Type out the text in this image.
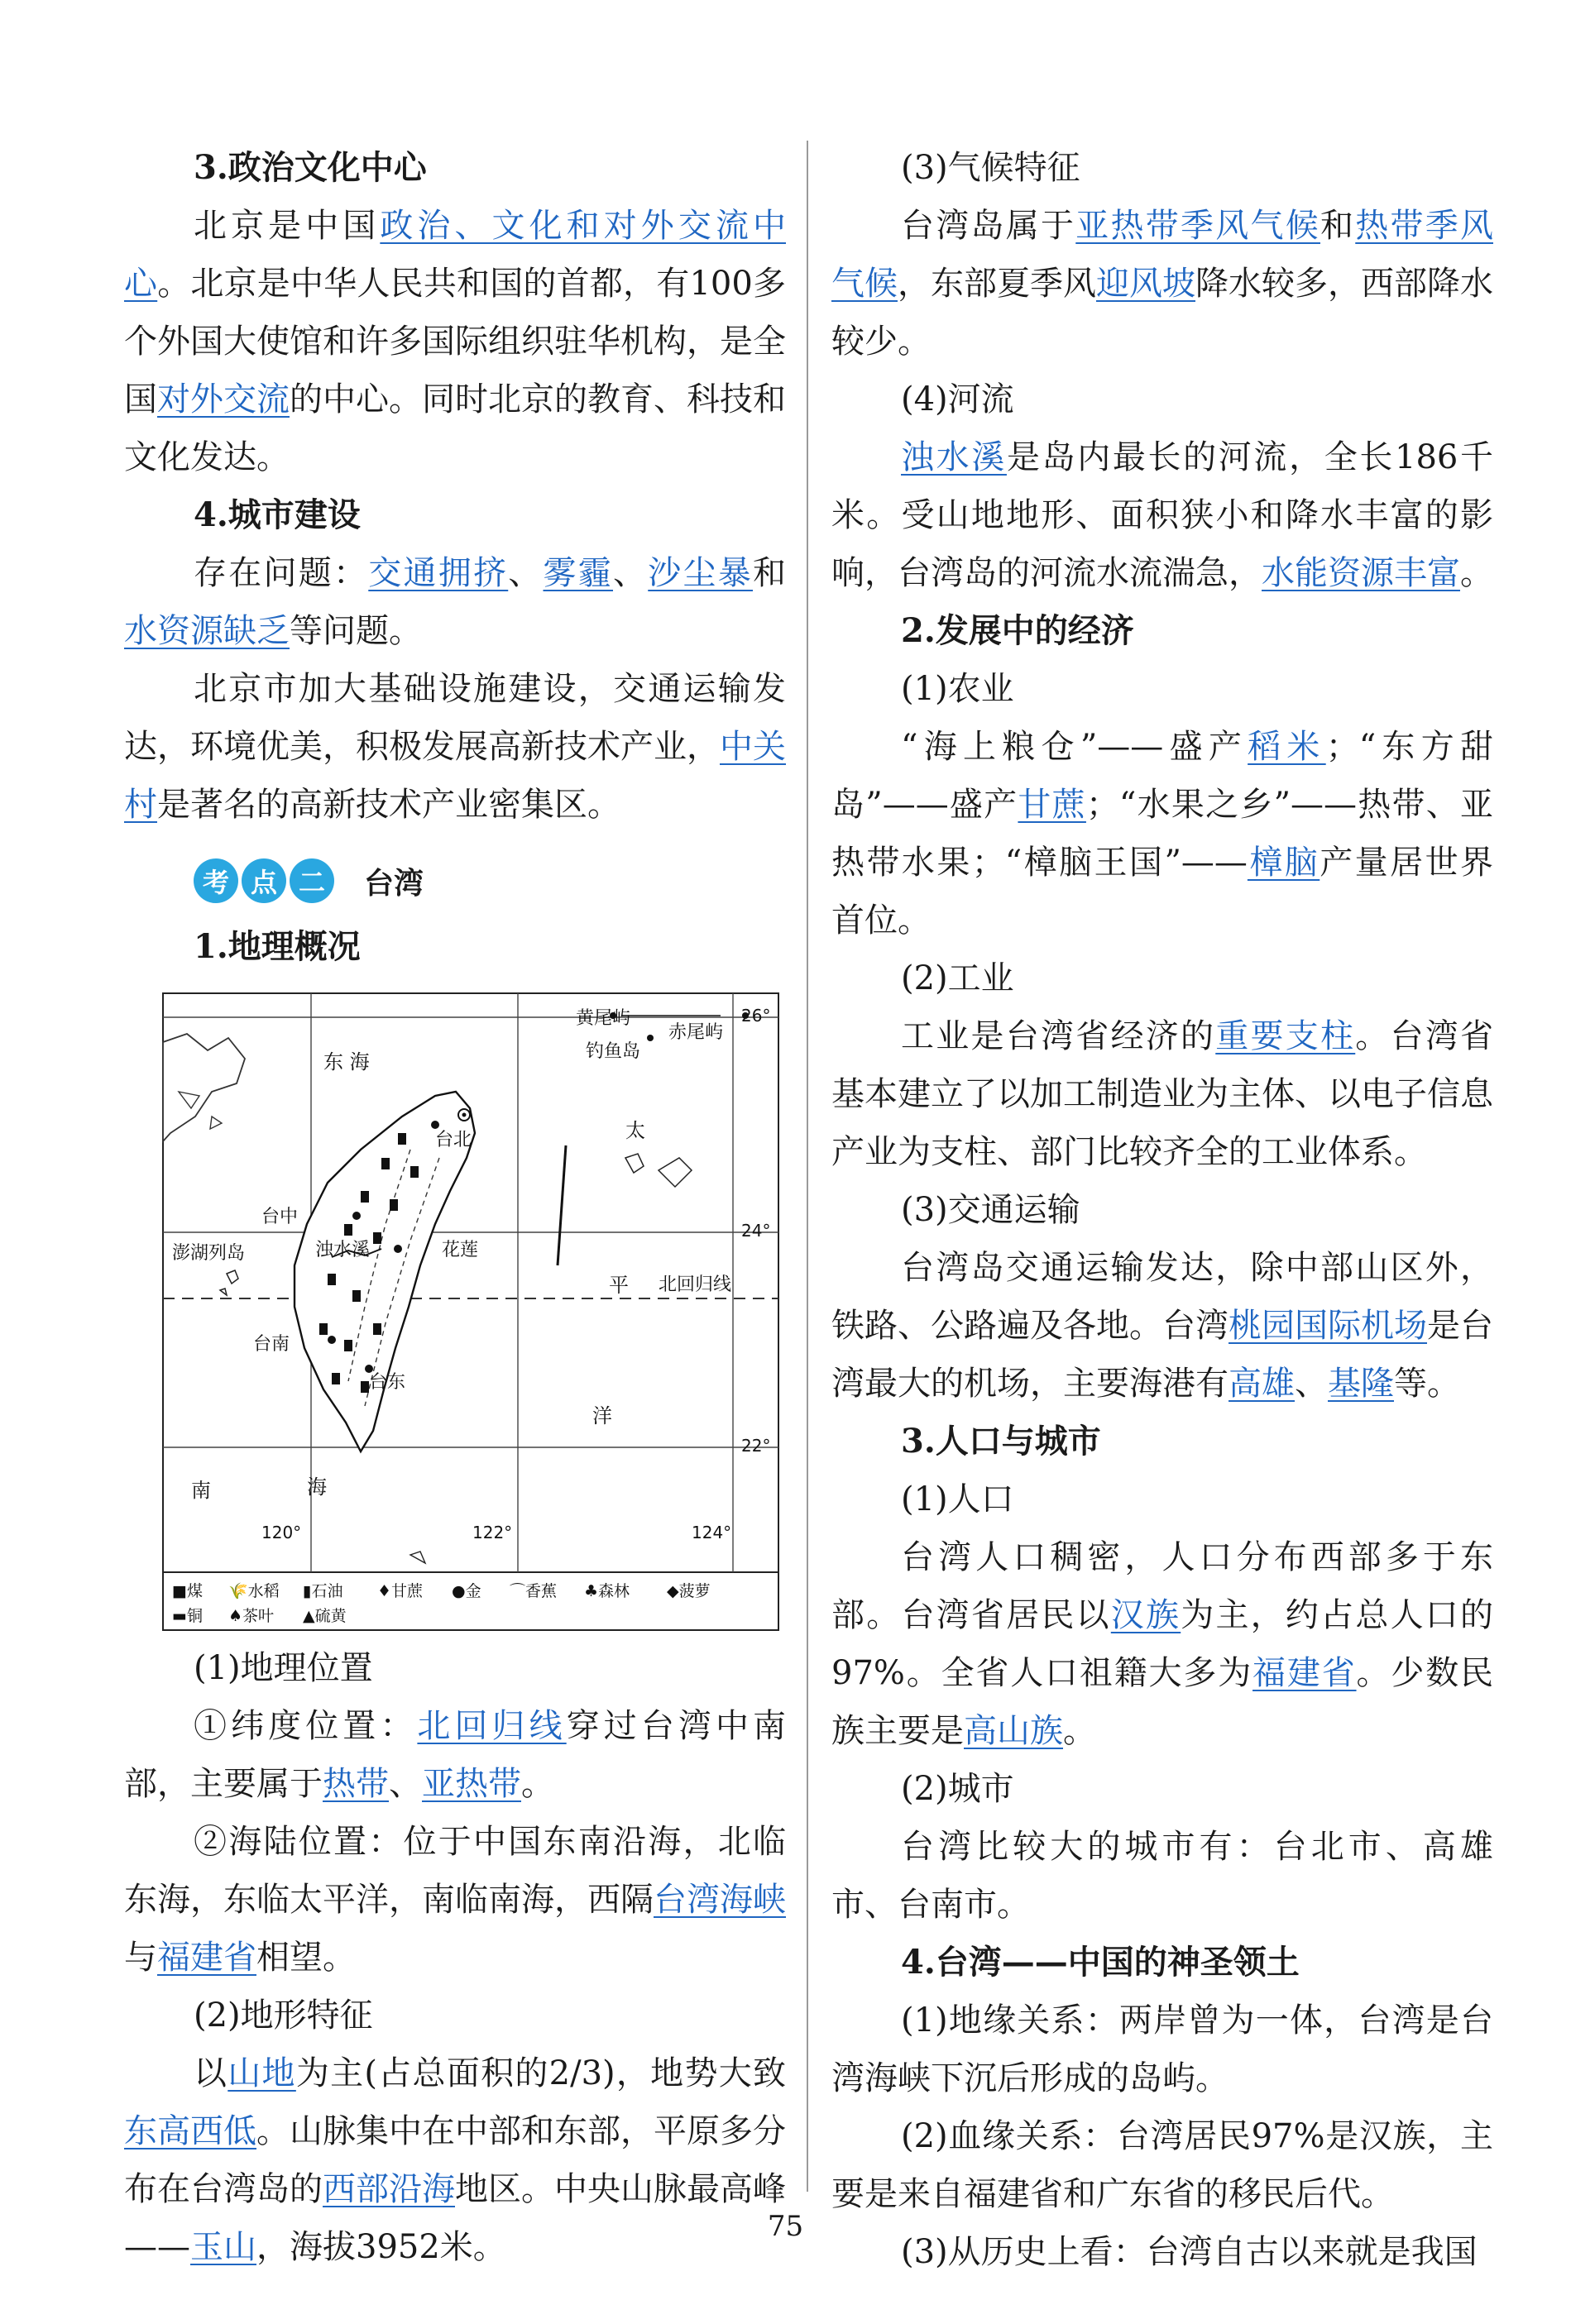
3.政治文化中心

北京是中国政治、文化和对外交流中心。北京是中华人民共和国的首都，有100多个外国大使馆和许多国际组织驻华机构，是全国对外交流的中心。同时北京的教育、科技和文化发达。

4.城市建设

存在问题：交通拥挤、雾霾、沙尘暴和水资源缺乏等问题。

北京市加大基础设施建设，交通运输发达，环境优美，积极发展高新技术产业，中关村是著名的高新技术产业密集区。

考 点 二	台湾

1.地理概况

东 海
黄尾屿
赤尾屿
钓鱼岛
台北	太
台中
澎湖列岛	浊水溪	花莲
平 北回归线
台南
台东
洋
南	海
26°
24°
22°
120°	122°	124°
■煤 🌾水稻 ▮石油 ♦甘蔗 ●金 ⌒香蕉 ♣森林 ◆菠萝
▬铜 ♠茶叶 ▲硫黄

(1)地理位置

①纬度位置：北回归线穿过台湾中南部，主要属于热带、亚热带。

②海陆位置：位于中国东南沿海，北临东海，东临太平洋，南临南海，西隔台湾海峡与福建省相望。

(2)地形特征

以山地为主(占总面积的2/3)，地势大致东高西低。山脉集中在中部和东部，平原多分布在台湾岛的西部沿海地区。中央山脉最高峰——玉山，海拔3952米。

(3)气候特征

台湾岛属于亚热带季风气候和热带季风气候，东部夏季风迎风坡降水较多，西部降水较少。

(4)河流

浊水溪是岛内最长的河流，全长186千米。受山地地形、面积狭小和降水丰富的影响，台湾岛的河流水流湍急，水能资源丰富。

2.发展中的经济

(1)农业

“海上粮仓”——盛产稻米；“东方甜岛”——盛产甘蔗；“水果之乡”——热带、亚热带水果；“樟脑王国”——樟脑产量居世界首位。

(2)工业

工业是台湾省经济的重要支柱。台湾省基本建立了以加工制造业为主体、以电子信息产业为支柱、部门比较齐全的工业体系。

(3)交通运输

台湾岛交通运输发达，除中部山区外，铁路、公路遍及各地。台湾桃园国际机场是台湾最大的机场，主要海港有高雄、基隆等。

3.人口与城市

(1)人口

台湾人口稠密，人口分布西部多于东部。台湾省居民以汉族为主，约占总人口的97%。全省人口祖籍大多为福建省。少数民族主要是高山族。

(2)城市

台湾比较大的城市有：台北市、高雄市、台南市。

4.台湾——中国的神圣领土

(1)地缘关系：两岸曾为一体，台湾是台湾海峡下沉后形成的岛屿。

(2)血缘关系：台湾居民97%是汉族，主要是来自福建省和广东省的移民后代。

(3)从历史上看：台湾自古以来就是我国

75
